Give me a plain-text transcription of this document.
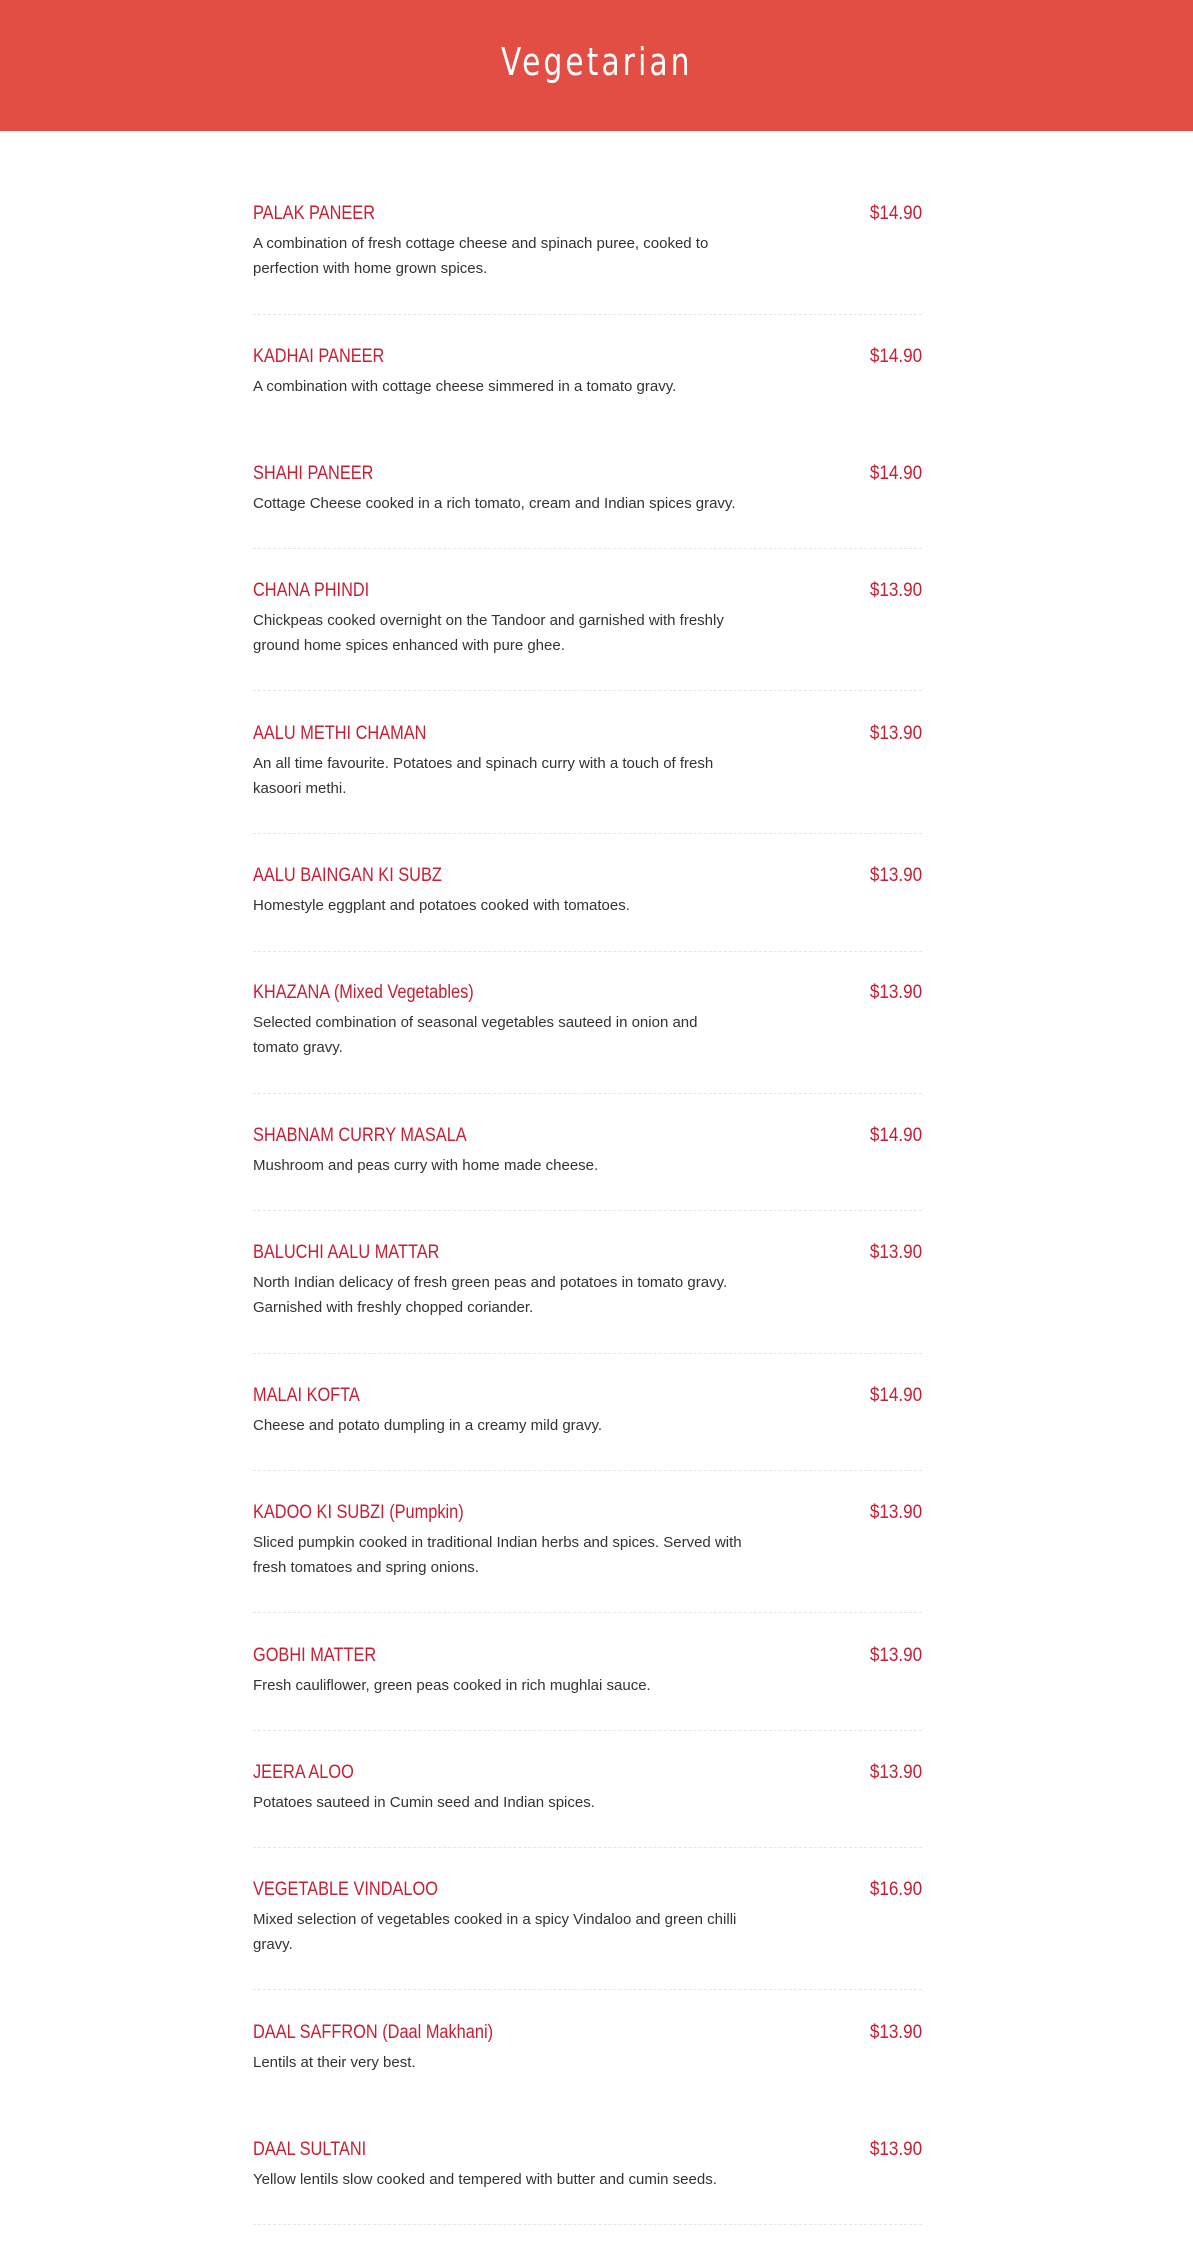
Vegetarian
PALAK PANEER	$14.90
A combination of fresh cottage cheese and spinach puree, cooked to perfection with home grown spices.
KADHAI PANEER	$14.90
A combination with cottage cheese simmered in a tomato gravy.
SHAHI PANEER	$14.90
Cottage Cheese cooked in a rich tomato, cream and Indian spices gravy.
CHANA PHINDI	$13.90
Chickpeas cooked overnight on the Tandoor and garnished with freshly ground home spices enhanced with pure ghee.
AALU METHI CHAMAN	$13.90
An all time favourite. Potatoes and spinach curry with a touch of fresh kasoori methi.
AALU BAINGAN KI SUBZ	$13.90
Homestyle eggplant and potatoes cooked with tomatoes.
KHAZANA (Mixed Vegetables)	$13.90
Selected combination of seasonal vegetables sauteed in onion and tomato gravy.
SHABNAM CURRY MASALA	$14.90
Mushroom and peas curry with home made cheese.
BALUCHI AALU MATTAR	$13.90
North Indian delicacy of fresh green peas and potatoes in tomato gravy. Garnished with freshly chopped coriander.
MALAI KOFTA	$14.90
Cheese and potato dumpling in a creamy mild gravy.
KADOO KI SUBZI (Pumpkin)	$13.90
Sliced pumpkin cooked in traditional Indian herbs and spices. Served with fresh tomatoes and spring onions.
GOBHI MATTER	$13.90
Fresh cauliflower, green peas cooked in rich mughlai sauce.
JEERA ALOO	$13.90
Potatoes sauteed in Cumin seed and Indian spices.
VEGETABLE VINDALOO	$16.90
Mixed selection of vegetables cooked in a spicy Vindaloo and green chilli gravy.
DAAL SAFFRON (Daal Makhani)	$13.90
Lentils at their very best.
DAAL SULTANI	$13.90
Yellow lentils slow cooked and tempered with butter and cumin seeds.
